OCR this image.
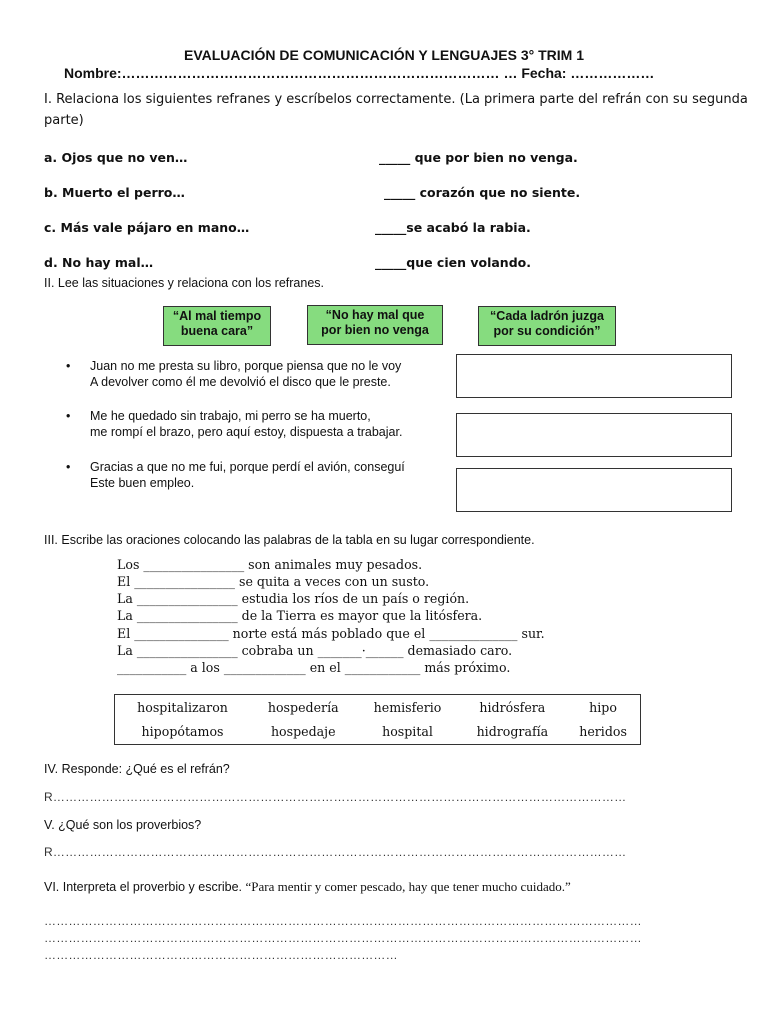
EVALUACIÓN DE COMUNICACIÓN Y LENGUAJES 3° TRIM 1
Nombre:……………………………………………………………………… … Fecha: ………………
I. Relaciona los siguientes refranes y escríbelos correctamente. (La primera parte del refrán con su segunda
parte)
a. Ojos que no ven…	_____ que por bien no venga.
b. Muerto el perro…	_____ corazón que no siente.
c. Más vale pájaro en mano…	_____se acabó la rabia.
d. No hay mal…	_____que cien volando.
II. Lee las situaciones y relaciona con los refranes.
“Al mal tiempo
buena cara”
“No hay mal que
por bien no venga
“Cada ladrón juzga
por su condición”
•	Juan no me presta su libro, porque piensa que no le voy
A devolver como él me devolvió el disco que le preste.
•	Me he quedado sin trabajo, mi perro se ha muerto,
me rompí el brazo, pero aquí estoy, dispuesta a trabajar.
•	Gracias a que no me fui, porque perdí el avión, conseguí
Este buen empleo.
III. Escribe las oraciones colocando las palabras de la tabla en su lugar correspondiente.
Los ________________ son animales muy pesados.
El ________________ se quita a veces con un susto.
La ________________ estudia los ríos de un país o región.
La ________________ de la Tierra es mayor que la litósfera.
El _______________ norte está más poblado que el ______________ sur.
La ________________ cobraba un _______·______ demasiado caro.
___________ a los _____________ en el ____________ más próximo.
hospitalizaron	hospedería	hemisferio	hidrósfera	hipo
hipopótamos	hospedaje	hospital	hidrografía	heridos
IV. Responde: ¿Qué es el refrán?
R……………………………………………………………………………………………………………………………
V. ¿Qué son los proverbios?
R……………………………………………………………………………………………………………………………
VI. Interpreta el proverbio y escribe. “Para mentir y comer pescado, hay que tener mucho cuidado.”
…………………………………………………………………………………………………………………………………
…………………………………………………………………………………………………………………………………
……………………………………………………………………………
